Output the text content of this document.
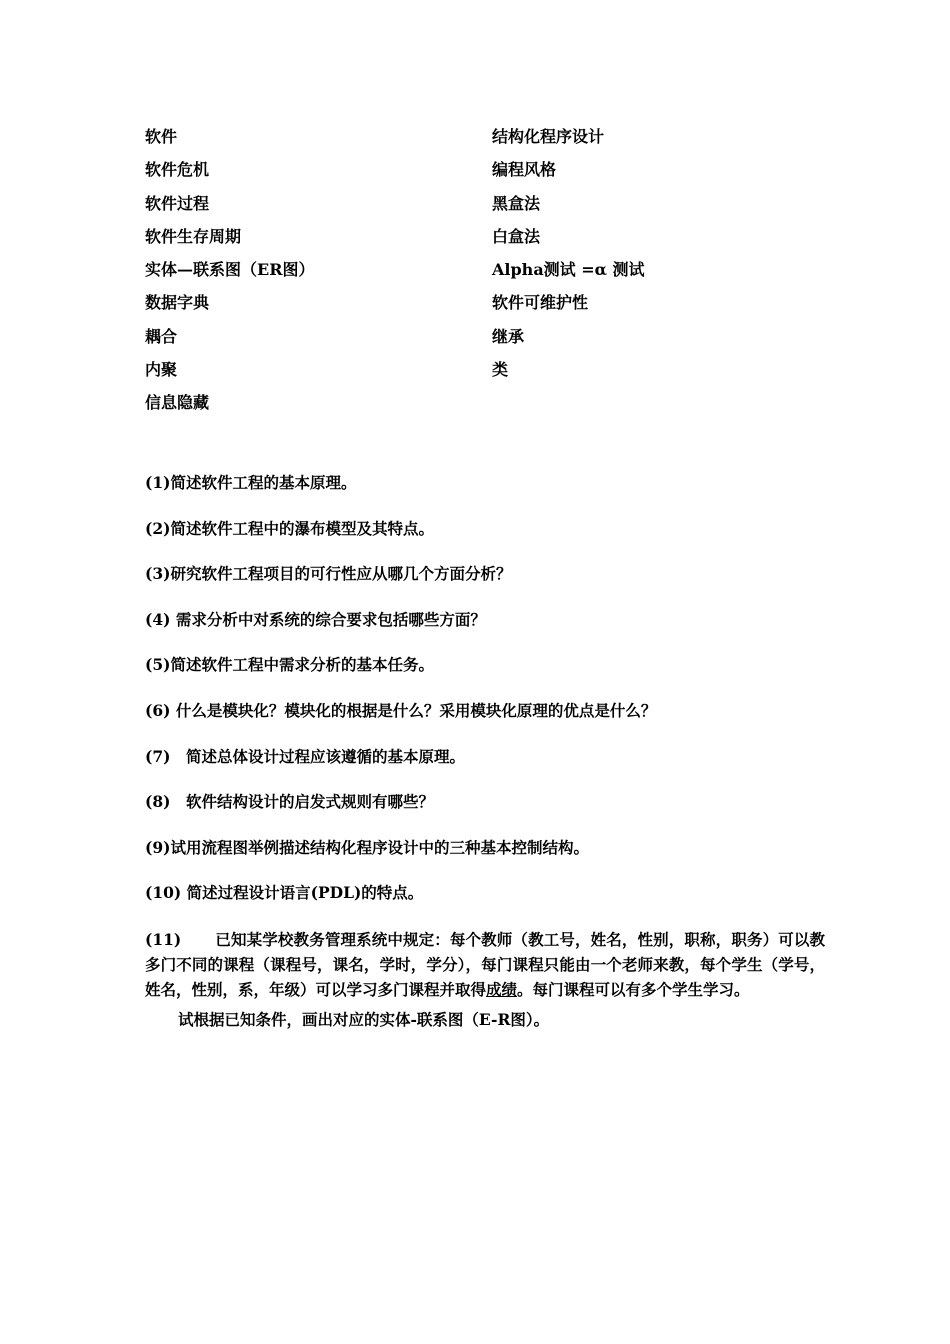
软件
软件危机
软件过程
软件生存周期
实体—联系图（ER图）
数据字典
耦合
内聚
信息隐藏
结构化程序设计
编程风格
黑盒法
白盒法
Alpha测试 =α 测试
软件可维护性
继承
类
(1)简述软件工程的基本原理。
(2)简述软件工程中的瀑布模型及其特点。
(3)研究软件工程项目的可行性应从哪几个方面分析？
(4) 需求分析中对系统的综合要求包括哪些方面？
(5)简述软件工程中需求分析的基本任务。
(6) 什么是模块化？模块化的根据是什么？采用模块化原理的优点是什么？
(7)　简述总体设计过程应该遵循的基本原理。
(8)　软件结构设计的启发式规则有哪些？
(9)试用流程图举例描述结构化程序设计中的三种基本控制结构。
(10) 简述过程设计语言(PDL)的特点。
(11) 已知某学校教务管理系统中规定：每个教师（教工号，姓名，性别，职称，职务）可以教多门不同的课程（课程号，课名，学时，学分），每门课程只能由一个老师来教，每个学生（学号，姓名，性别，系，年级）可以学习多门课程并取得成绩。每门课程可以有多个学生学习。
试根据已知条件，画出对应的实体-联系图（E-R图）。
